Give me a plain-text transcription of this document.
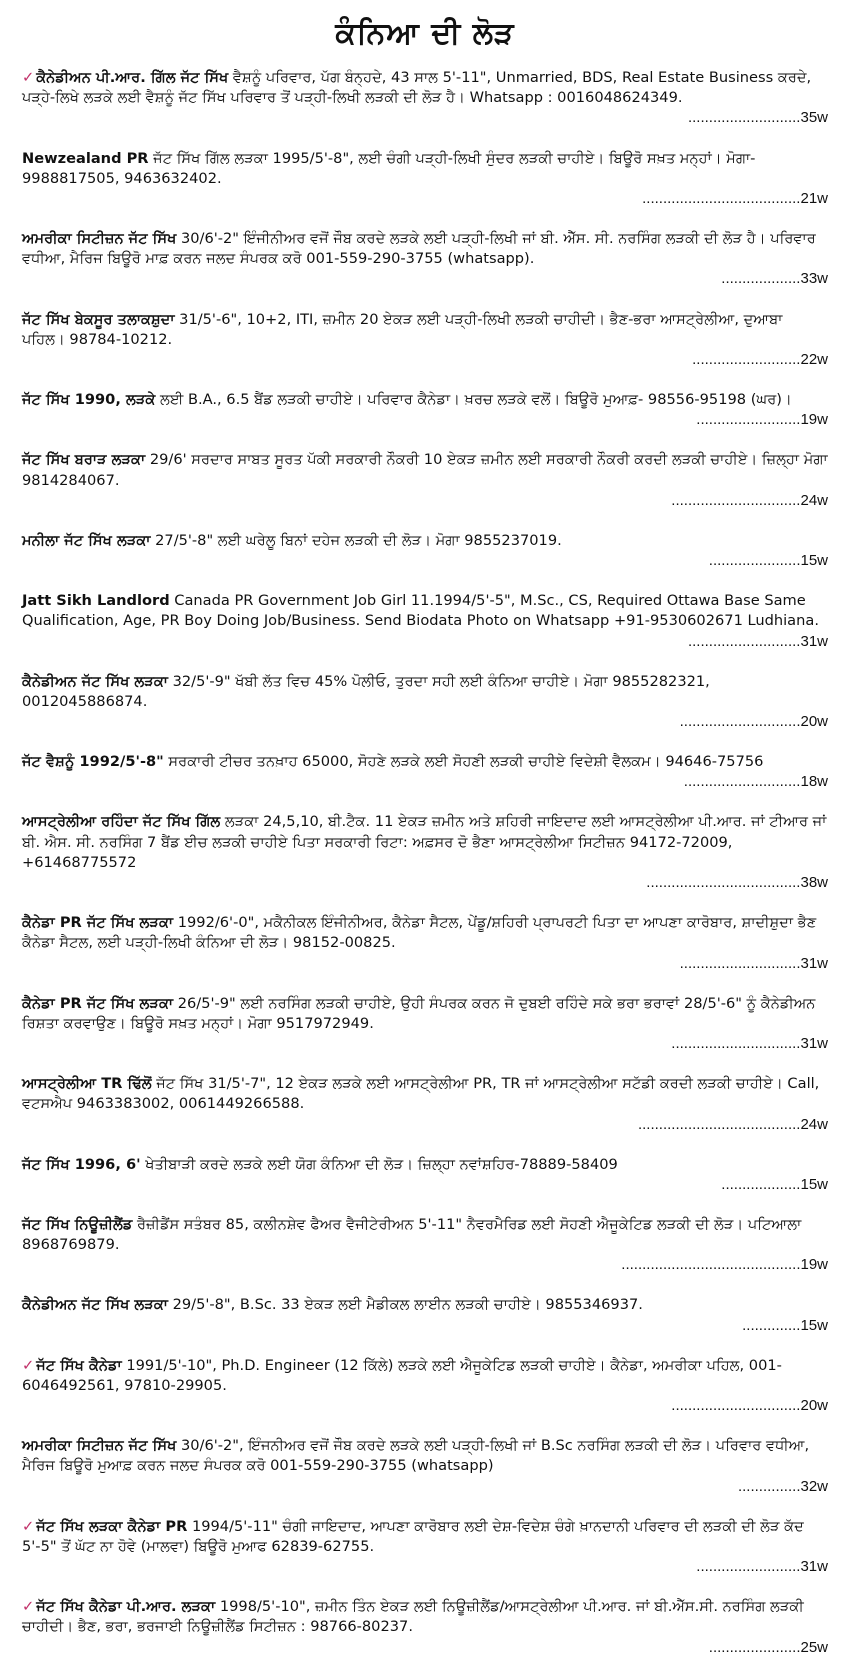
ਕੰਨਿਆ ਦੀ ਲੋੜ

✓ ਕੈਨੇਡੀਅਨ ਪੀ.ਆਰ. ਗਿੱਲ ਜੱਟ ਸਿੱਖ ਵੈਸ਼ਨੂੰ ਪਰਿਵਾਰ, ਪੱਗ ਬੰਨ੍ਹਦੇ, 43 ਸਾਲ 5'-11", Unmarried, BDS, Real Estate Business ਕਰਦੇ, ਪੜ੍ਹੇ-ਲਿਖੇ ਲੜਕੇ ਲਈ ਵੈਸ਼ਨੂੰ ਜੱਟ ਸਿੱਖ ਪਰਿਵਾਰ ਤੋਂ ਪੜ੍ਹੀ-ਲਿਖੀ ਲੜਕੀ ਦੀ ਲੋੜ ਹੈ। Whatsapp : 0016048624349.

...........................35w

Newzealand PR ਜੱਟ ਸਿੱਖ ਗਿੱਲ ਲੜਕਾ 1995/5'-8", ਲਈ ਚੰਗੀ ਪੜ੍ਹੀ-ਲਿਖੀ ਸੁੰਦਰ ਲੜਕੀ ਚਾਹੀਏ। ਬਿਊਰੋ ਸਖ਼ਤ ਮਨ੍ਹਾਂ। ਮੋਗਾ- 9988817505, 9463632402.

......................................21w

ਅਮਰੀਕਾ ਸਿਟੀਜ਼ਨ ਜੱਟ ਸਿੱਖ 30/6'-2" ਇੰਜੀਨੀਅਰ ਵਜੋਂ ਜੌਬ ਕਰਦੇ ਲੜਕੇ ਲਈ ਪੜ੍ਹੀ-ਲਿਖੀ ਜਾਂ ਬੀ. ਐੱਸ. ਸੀ. ਨਰਸਿੰਗ ਲੜਕੀ ਦੀ ਲੋੜ ਹੈ। ਪਰਿਵਾਰ ਵਧੀਆ, ਮੈਰਿਜ ਬਿਊਰੋ ਮਾਫ਼ ਕਰਨ ਜਲਦ ਸੰਪਰਕ ਕਰੋ 001-559-290-3755 (whatsapp).

...................33w

ਜੱਟ ਸਿੱਖ ਬੇਕਸੂਰ ਤਲਾਕਸ਼ੁਦਾ 31/5'-6", 10+2, ITI, ਜ਼ਮੀਨ 20 ਏਕੜ ਲਈ ਪੜ੍ਹੀ-ਲਿਖੀ ਲੜਕੀ ਚਾਹੀਦੀ। ਭੈਣ-ਭਰਾ ਆਸਟ੍ਰੇਲੀਆ, ਦੁਆਬਾ ਪਹਿਲ। 98784-10212.

..........................22w

ਜੱਟ ਸਿੱਖ 1990, ਲੜਕੇ ਲਈ B.A., 6.5 ਬੈਂਡ ਲੜਕੀ ਚਾਹੀਏ। ਪਰਿਵਾਰ ਕੈਨੇਡਾ। ਖ਼ਰਚ ਲੜਕੇ ਵਲੋਂ। ਬਿਊਰੋ ਮੁਆਫ਼- 98556-95198 (ਘਰ)।

.........................19w

ਜੱਟ ਸਿੱਖ ਬਰਾੜ ਲੜਕਾ 29/6' ਸਰਦਾਰ ਸਾਬਤ ਸੂਰਤ ਪੱਕੀ ਸਰਕਾਰੀ ਨੌਕਰੀ 10 ਏਕੜ ਜ਼ਮੀਨ ਲਈ ਸਰਕਾਰੀ ਨੌਕਰੀ ਕਰਦੀ ਲੜਕੀ ਚਾਹੀਏ। ਜ਼ਿਲ੍ਹਾ ਮੋਗਾ 9814284067.

...............................24w

ਮਨੀਲਾ ਜੱਟ ਸਿੱਖ ਲੜਕਾ 27/5'-8" ਲਈ ਘਰੇਲੂ ਬਿਨਾਂ ਦਹੇਜ ਲੜਕੀ ਦੀ ਲੋੜ। ਮੋਗਾ 9855237019.

......................15w

Jatt Sikh Landlord Canada PR Government Job Girl 11.1994/5'-5", M.Sc., CS, Required Ottawa Base Same Qualification, Age, PR Boy Doing Job/Business. Send Biodata Photo on Whatsapp +91-9530602671 Ludhiana.

...........................31w

ਕੈਨੇਡੀਅਨ ਜੱਟ ਸਿੱਖ ਲੜਕਾ 32/5'-9" ਖੱਬੀ ਲੱਤ ਵਿਚ 45% ਪੋਲੀਓ, ਤੁਰਦਾ ਸਹੀ ਲਈ ਕੰਨਿਆ ਚਾਹੀਏ। ਮੋਗਾ 9855282321, 0012045886874.

.............................20w

ਜੱਟ ਵੈਸ਼ਨੂੰ 1992/5'-8" ਸਰਕਾਰੀ ਟੀਚਰ ਤਨਖ਼ਾਹ 65000, ਸੋਹਣੇ ਲੜਕੇ ਲਈ ਸੋਹਣੀ ਲੜਕੀ ਚਾਹੀਏ ਵਿਦੇਸ਼ੀ ਵੈਲਕਮ। 94646-75756

............................18w

ਆਸਟ੍ਰੇਲੀਆ ਰਹਿੰਦਾ ਜੱਟ ਸਿੱਖ ਗਿੱਲ ਲੜਕਾ 24,5,10, ਬੀ.ਟੈਕ. 11 ਏਕੜ ਜ਼ਮੀਨ ਅਤੇ ਸ਼ਹਿਰੀ ਜਾਇਦਾਦ ਲਈ ਆਸਟ੍ਰੇਲੀਆ ਪੀ.ਆਰ. ਜਾਂ ਟੀਆਰ ਜਾਂ ਬੀ. ਐਸ. ਸੀ. ਨਰਸਿੰਗ 7 ਬੈਂਡ ਈਚ ਲੜਕੀ ਚਾਹੀਏ ਪਿਤਾ ਸਰਕਾਰੀ ਰਿਟਾ: ਅਫ਼ਸਰ ਦੋ ਭੈਣਾ ਆਸਟ੍ਰੇਲੀਆ ਸਿਟੀਜ਼ਨ 94172-72009, +61468775572

.....................................38w

ਕੈਨੇਡਾ PR ਜੱਟ ਸਿੱਖ ਲੜਕਾ 1992/6'-0", ਮਕੈਨੀਕਲ ਇੰਜੀਨੀਅਰ, ਕੈਨੇਡਾ ਸੈਟਲ, ਪੇਂਡੂ/ਸ਼ਹਿਰੀ ਪ੍ਰਾਪਰਟੀ ਪਿਤਾ ਦਾ ਆਪਣਾ ਕਾਰੋਬਾਰ, ਸ਼ਾਦੀਸ਼ੁਦਾ ਭੈਣ ਕੈਨੇਡਾ ਸੈਟਲ, ਲਈ ਪੜ੍ਹੀ-ਲਿਖੀ ਕੰਨਿਆ ਦੀ ਲੋੜ। 98152-00825.

.............................31w

ਕੈਨੇਡਾ PR ਜੱਟ ਸਿੱਖ ਲੜਕਾ 26/5'-9" ਲਈ ਨਰਸਿੰਗ ਲੜਕੀ ਚਾਹੀਏ, ਉਹੀ ਸੰਪਰਕ ਕਰਨ ਜੋ ਦੁਬਈ ਰਹਿੰਦੇ ਸਕੇ ਭਰਾ ਭਰਾਵਾਂ 28/5'-6" ਨੂੰ ਕੈਨੇਡੀਅਨ ਰਿਸ਼ਤਾ ਕਰਵਾਉਣ। ਬਿਊਰੋ ਸਖ਼ਤ ਮਨ੍ਹਾਂ। ਮੋਗਾ 9517972949.

...............................31w

ਆਸਟ੍ਰੇਲੀਆ TR ਢਿੱਲੋਂ ਜੱਟ ਸਿੱਖ 31/5'-7", 12 ਏਕੜ ਲੜਕੇ ਲਈ ਆਸਟ੍ਰੇਲੀਆ PR, TR ਜਾਂ ਆਸਟ੍ਰੇਲੀਆ ਸਟੱਡੀ ਕਰਦੀ ਲੜਕੀ ਚਾਹੀਏ। Call, ਵਟਸਐਪ 9463383002, 0061449266588.

.......................................24w

ਜੱਟ ਸਿੱਖ 1996, 6' ਖੇਤੀਬਾੜੀ ਕਰਦੇ ਲੜਕੇ ਲਈ ਯੋਗ ਕੰਨਿਆ ਦੀ ਲੋੜ। ਜ਼ਿਲ੍ਹਾ ਨਵਾਂਸ਼ਹਿਰ-78889-58409

...................15w

ਜੱਟ ਸਿੱਖ ਨਿਊਜ਼ੀਲੈਂਡ ਰੈਜ਼ੀਡੈਂਸ ਸਤੰਬਰ 85, ਕਲੀਨਸ਼ੇਵ ਫੈਅਰ ਵੈਜੀਟੇਰੀਅਨ 5'-11" ਨੈਵਰਮੈਰਿਡ ਲਈ ਸੋਹਣੀ ਐਜੂਕੇਟਿਡ ਲੜਕੀ ਦੀ ਲੋੜ। ਪਟਿਆਲਾ 8968769879.

...........................................19w

ਕੈਨੇਡੀਅਨ ਜੱਟ ਸਿੱਖ ਲੜਕਾ 29/5'-8", B.Sc. 33 ਏਕੜ ਲਈ ਮੈਡੀਕਲ ਲਾਈਨ ਲੜਕੀ ਚਾਹੀਏ। 9855346937.

..............15w

✓ ਜੱਟ ਸਿੱਖ ਕੈਨੇਡਾ 1991/5'-10", Ph.D. Engineer (12 ਕਿੱਲੇ) ਲੜਕੇ ਲਈ ਐਜੂਕੇਟਿਡ ਲੜਕੀ ਚਾਹੀਏ। ਕੈਨੇਡਾ, ਅਮਰੀਕਾ ਪਹਿਲ, 001-6046492561, 97810-29905.

...............................20w

ਅਮਰੀਕਾ ਸਿਟੀਜ਼ਨ ਜੱਟ ਸਿੱਖ 30/6'-2", ਇੰਜਨੀਅਰ ਵਜੋਂ ਜੌਬ ਕਰਦੇ ਲੜਕੇ ਲਈ ਪੜ੍ਹੀ-ਲਿਖੀ ਜਾਂ B.Sc ਨਰਸਿੰਗ ਲੜਕੀ ਦੀ ਲੋੜ। ਪਰਿਵਾਰ ਵਧੀਆ, ਮੈਰਿਜ ਬਿਊਰੋ ਮੁਆਫ਼ ਕਰਨ ਜਲਦ ਸੰਪਰਕ ਕਰੋ 001-559-290-3755 (whatsapp)

...............32w

✓ ਜੱਟ ਸਿੱਖ ਲੜਕਾ ਕੈਨੇਡਾ PR 1994/5'-11" ਚੰਗੀ ਜਾਇਦਾਦ, ਆਪਣਾ ਕਾਰੋਬਾਰ ਲਈ ਦੇਸ਼-ਵਿਦੇਸ਼ ਚੰਗੇ ਖ਼ਾਨਦਾਨੀ ਪਰਿਵਾਰ ਦੀ ਲੜਕੀ ਦੀ ਲੋੜ ਕੱਦ 5'-5" ਤੋਂ ਘੱਟ ਨਾ ਹੋਵੇ (ਮਾਲਵਾ) ਬਿਊਰੋ ਮੁਆਫ 62839-62755.

.........................31w

✓ ਜੱਟ ਸਿੱਖ ਕੈਨੇਡਾ ਪੀ.ਆਰ. ਲੜਕਾ 1998/5'-10", ਜ਼ਮੀਨ ਤਿੰਨ ਏਕੜ ਲਈ ਨਿਊਜ਼ੀਲੈਂਡ/ਆਸਟ੍ਰੇਲੀਆ ਪੀ.ਆਰ. ਜਾਂ ਬੀ.ਐੱਸ.ਸੀ. ਨਰਸਿੰਗ ਲੜਕੀ ਚਾਹੀਦੀ। ਭੈਣ, ਭਰਾ, ਭਰਜਾਈ ਨਿਊਜ਼ੀਲੈਂਡ ਸਿਟੀਜ਼ਨ : 98766-80237.

......................25w
